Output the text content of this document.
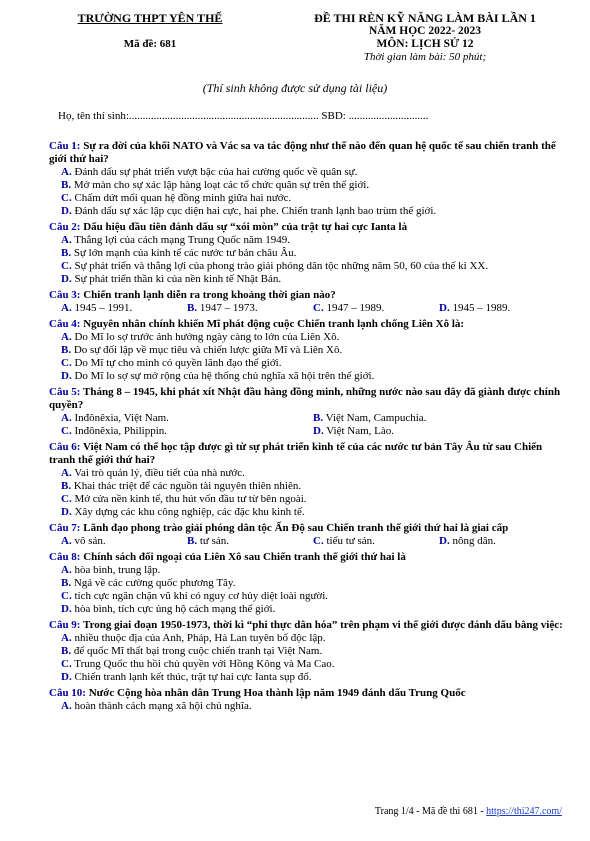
TRƯỜNG THPT YÊN THẾ
Mã đề: 681
ĐỀ THI RÈN KỸ NĂNG LÀM BÀI LẦN 1
NĂM HỌC 2022- 2023
MÔN: LỊCH SỬ 12
Thời gian làm bài: 50 phút;
(Thí sinh không được sử dụng tài liệu)
Họ, tên thí sinh:..................................................................... SBD: .............................
Câu 1: Sự ra đời của khối NATO và Vác sa va tác động như thế nào đến quan hệ quốc tế sau chiến tranh thế giới thứ hai?
A. Đánh dấu sự phát triển vượt bậc của hai cường quốc về quân sự.
B. Mở màn cho sự xác lập hàng loạt các tổ chức quân sự trên thế giới.
C. Chấm dứt mối quan hệ đồng minh giữa hai nước.
D. Đánh dấu sự xác lập cục diện hai cực, hai phe. Chiến tranh lạnh bao trùm thế giới.
Câu 2: Dấu hiệu đầu tiên đánh dấu sự “xói mòn” của trật tự hai cực Ianta là
A. Thắng lợi của cách mạng Trung Quốc năm 1949.
B. Sự lớn mạnh của kinh tế các nước tư bản châu Âu.
C. Sự phát triển và thắng lợi của phong trào giải phóng dân tộc những năm 50, 60 của thế kỉ XX.
D. Sự phát triển thần kì của nền kinh tế Nhật Bản.
Câu 3: Chiến tranh lạnh diễn ra trong khoảng thời gian nào?
A. 1945 – 1991.	B. 1947 – 1973.	C. 1947 – 1989.	D. 1945 – 1989.
Câu 4: Nguyên nhân chính khiến Mĩ phát động cuộc Chiến tranh lạnh chống Liên Xô là:
A. Do Mĩ lo sợ trước ảnh hưởng ngày càng to lớn của Liên Xô.
B. Do sự đối lập về mục tiêu và chiến lược giữa Mĩ và Liên Xô.
C. Do Mĩ tự cho mình có quyền lãnh đạo thế giới.
D. Do Mĩ lo sợ sự mở rộng của hệ thống chủ nghĩa xã hội trên thế giới.
Câu 5: Tháng 8 – 1945, khi phát xít Nhật đầu hàng đồng minh, những nước nào sau đây đã giành được chính quyền?
A. Inđônêxia, Việt Nam.	B. Việt Nam, Campuchia.
C. Inđônêxia, Philippin.	D. Việt Nam, Lào.
Câu 6: Việt Nam có thể học tập được gì từ sự phát triển kinh tế của các nước tư bản Tây Âu từ sau Chiến tranh thế giới thứ hai?
A. Vai trò quản lý, điều tiết của nhà nước.
B. Khai thác triệt để các nguồn tài nguyên thiên nhiên.
C. Mở cửa nền kinh tế, thu hút vốn đầu tư từ bên ngoài.
D. Xây dựng các khu công nghiệp, các đặc khu kinh tế.
Câu 7: Lãnh đạo phong trào giải phóng dân tộc Ấn Độ sau Chiến tranh thế giới thứ hai là giai cấp
A. vô sản.	B. tư sản.	C. tiểu tư sản.	D. nông dân.
Câu 8: Chính sách đối ngoại của Liên Xô sau Chiến tranh thế giới thứ hai là
A. hòa bình, trung lập.
B. Ngả về các cường quốc phương Tây.
C. tích cực ngăn chặn vũ khí có nguy cơ hủy diệt loài người.
D. hòa bình, tích cực ủng hộ cách mạng thế giới.
Câu 9: Trong giai đoạn 1950-1973, thời kì “phi thực dân hóa” trên phạm vi thế giới được đánh dấu bằng việc:
A. nhiều thuộc địa của Anh, Pháp, Hà Lan tuyên bố độc lập.
B. đế quốc Mĩ thất bại trong cuộc chiến tranh tại Việt Nam.
C. Trung Quốc thu hồi chủ quyền với Hồng Kông và Ma Cao.
D. Chiến tranh lạnh kết thúc, trật tự hai cực Ianta sụp đổ.
Câu 10: Nước Cộng hòa nhân dân Trung Hoa thành lập năm 1949 đánh dấu Trung Quốc
A. hoàn thành cách mạng xã hội chủ nghĩa.
Trang 1/4 - Mã đề thi 681 - https://thi247.com/
